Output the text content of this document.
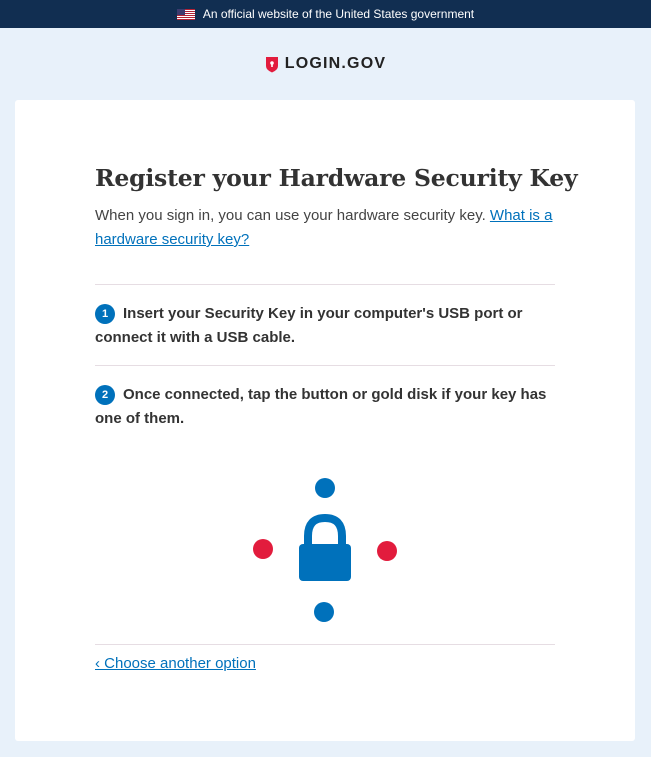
An official website of the United States government
LOGIN.GOV
Register your Hardware Security Key

When you sign in, you can use your hardware security key. What is a hardware security key?

1 Insert your Security Key in your computer's USB port or connect it with a USB cable.
2 Once connected, tap the button or gold disk if your key has one of them.
‹ Choose another option
